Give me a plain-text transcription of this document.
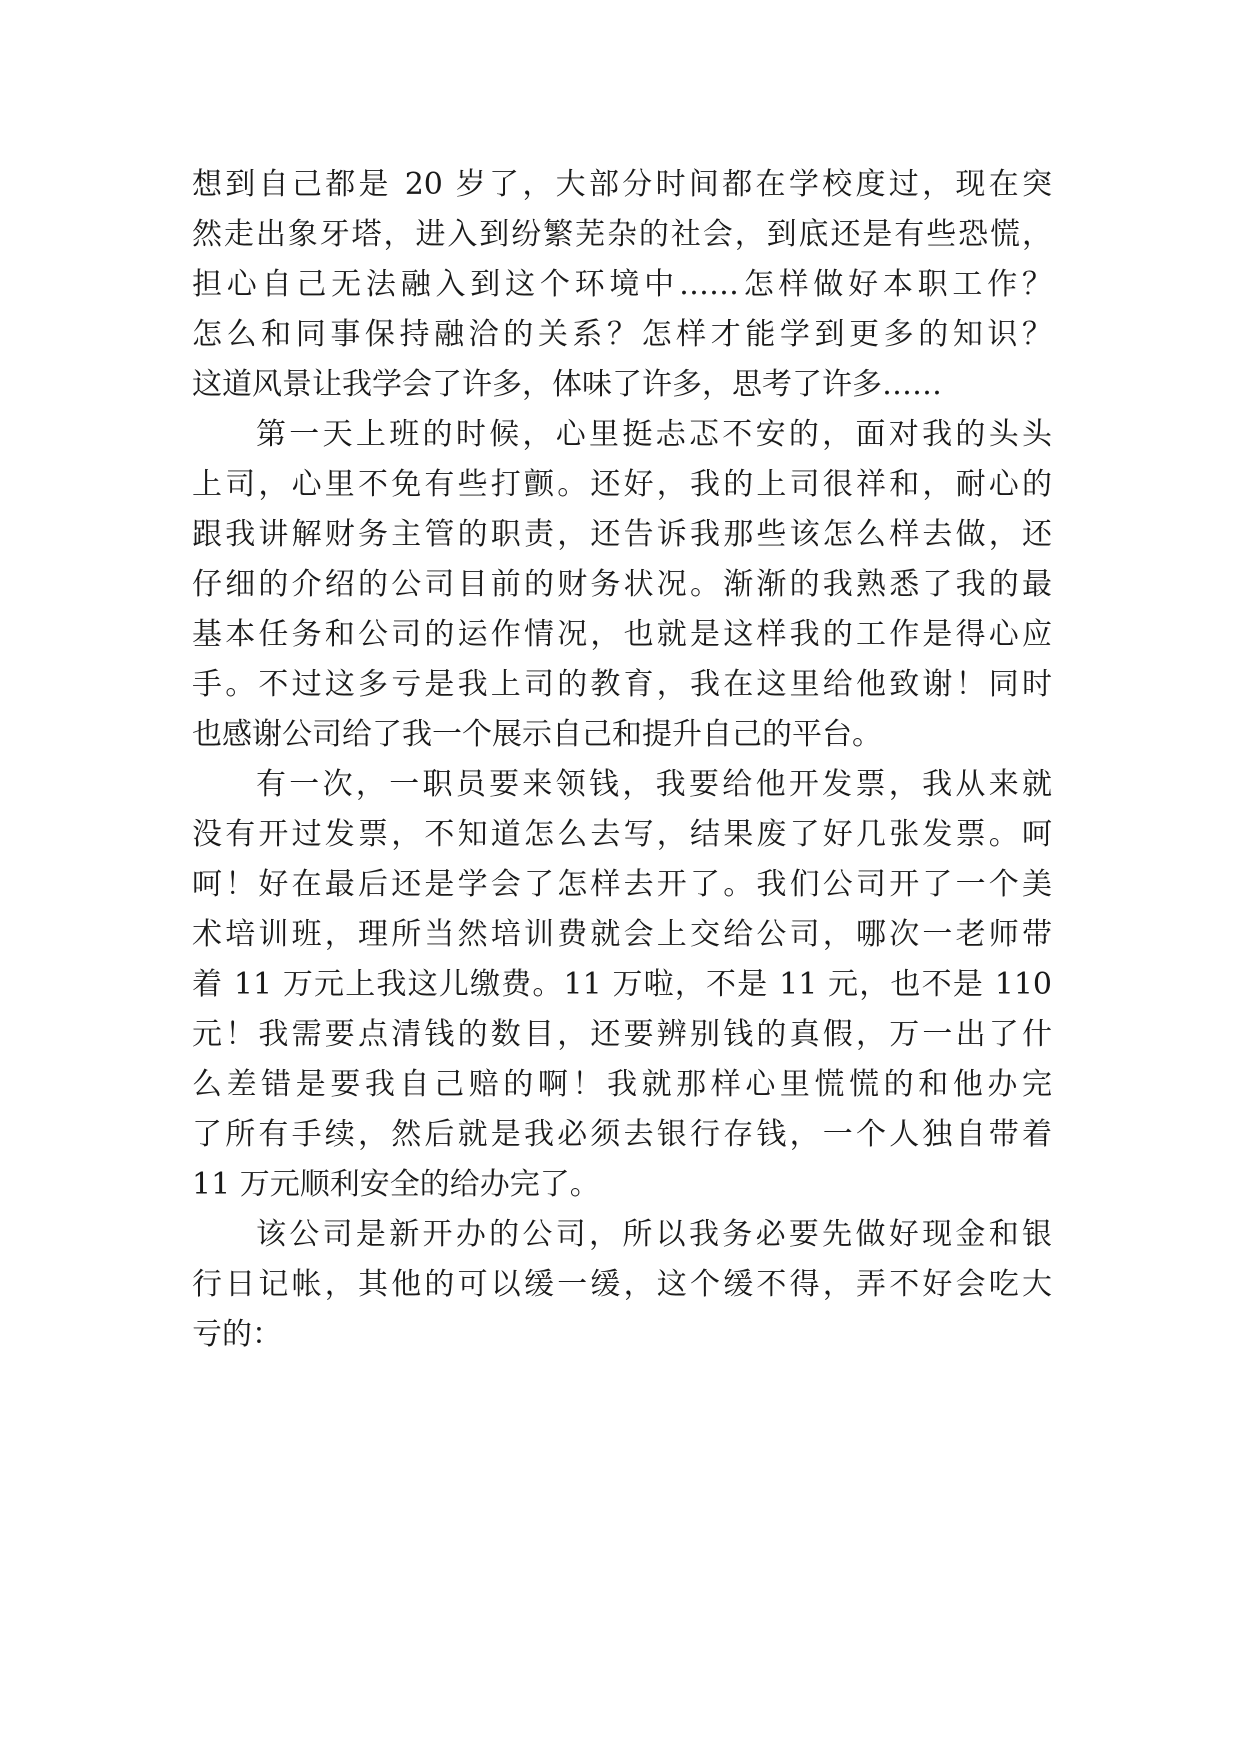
想到自己都是 20 岁了，大部分时间都在学校度过，现在突
然走出象牙塔，进入到纷繁芜杂的社会，到底还是有些恐慌，
担心自己无法融入到这个环境中……怎样做好本职工作？
怎么和同事保持融洽的关系？怎样才能学到更多的知识？
这道风景让我学会了许多，体味了许多，思考了许多……
第一天上班的时候，心里挺忐忑不安的，面对我的头头
上司，心里不免有些打颤。还好，我的上司很祥和，耐心的
跟我讲解财务主管的职责，还告诉我那些该怎么样去做，还
仔细的介绍的公司目前的财务状况。渐渐的我熟悉了我的最
基本任务和公司的运作情况，也就是这样我的工作是得心应
手。不过这多亏是我上司的教育，我在这里给他致谢！同时
也感谢公司给了我一个展示自己和提升自己的平台。
有一次，一职员要来领钱，我要给他开发票，我从来就
没有开过发票，不知道怎么去写，结果废了好几张发票。呵
呵！好在最后还是学会了怎样去开了。我们公司开了一个美
术培训班，理所当然培训费就会上交给公司，哪次一老师带
着 11 万元上我这儿缴费。11 万啦，不是 11 元，也不是 110
元！我需要点清钱的数目，还要辨别钱的真假，万一出了什
么差错是要我自己赔的啊！我就那样心里慌慌的和他办完
了所有手续，然后就是我必须去银行存钱，一个人独自带着
11 万元顺利安全的给办完了。
该公司是新开办的公司，所以我务必要先做好现金和银
行日记帐，其他的可以缓一缓，这个缓不得，弄不好会吃大
亏的：
